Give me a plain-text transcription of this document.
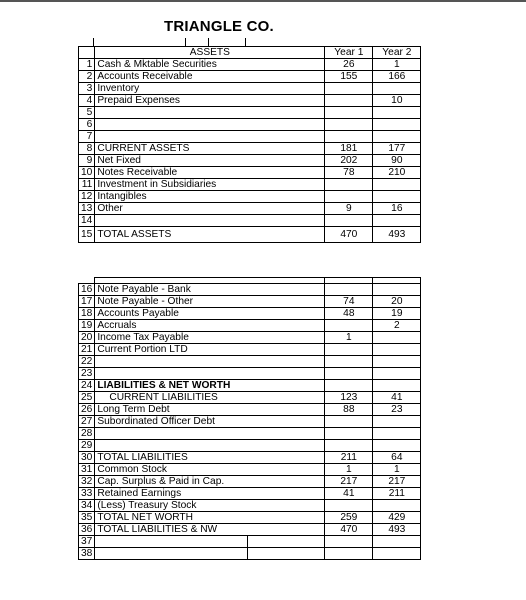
TRIANGLE CO.
	ASSETS	Year 1	Year 2
1	Cash & Mktable Securities	26	1
2	Accounts Receivable	155	166
3	Inventory		
4	Prepaid Expenses		10
5			
6			
7			
8	CURRENT ASSETS	181	177
9	Net Fixed	202	90
10	Notes Receivable	78	210
11	Investment in Subsidiaries		
12	Intangibles		
13	Other	9	16
14			
15	TOTAL ASSETS	470	493

16	Note Payable - Bank			
17	Note Payable - Other		74	20
18	Accounts Payable		48	19
19	Accruals			2
20	Income Tax Payable		1	
21	Current Portion LTD			
22				
23				
24	LIABILITIES & NET WORTH			
25	CURRENT LIABILITIES		123	41
26	Long Term Debt		88	23
27	Subordinated Officer Debt			
28				
29				
30	TOTAL LIABILITIES		211	64
31	Common Stock		1	1
32	Cap. Surplus & Paid in Cap.		217	217
33	Retained Earnings		41	211
34	(Less) Treasury Stock			
35	TOTAL NET WORTH		259	429
36	TOTAL LIABILITIES & NW		470	493
37				
38				
